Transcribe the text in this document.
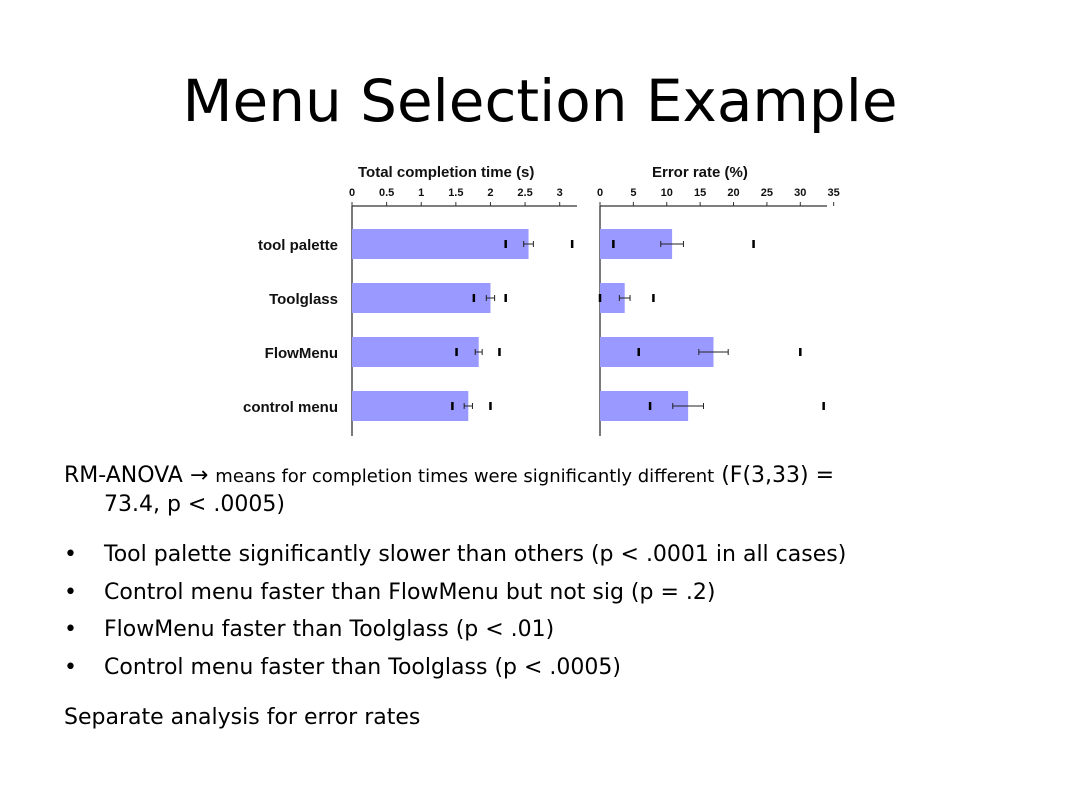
Menu Selection Example
tool palette
Toolglass
FlowMenu
control menu
Total completion time (s)
0 0.5 1 1.5 2 2.5 3
Error rate (%)
0 5 10 15 20 25 30 35
RM-ANOVA → means for completion times were significantly different (F(3,33) =
73.4, p < .0005)
• Tool palette significantly slower than others (p < .0001 in all cases)
• Control menu faster than FlowMenu but not sig (p = .2)
• FlowMenu faster than Toolglass (p < .01)
• Control menu faster than Toolglass (p < .0005)
Separate analysis for error rates
